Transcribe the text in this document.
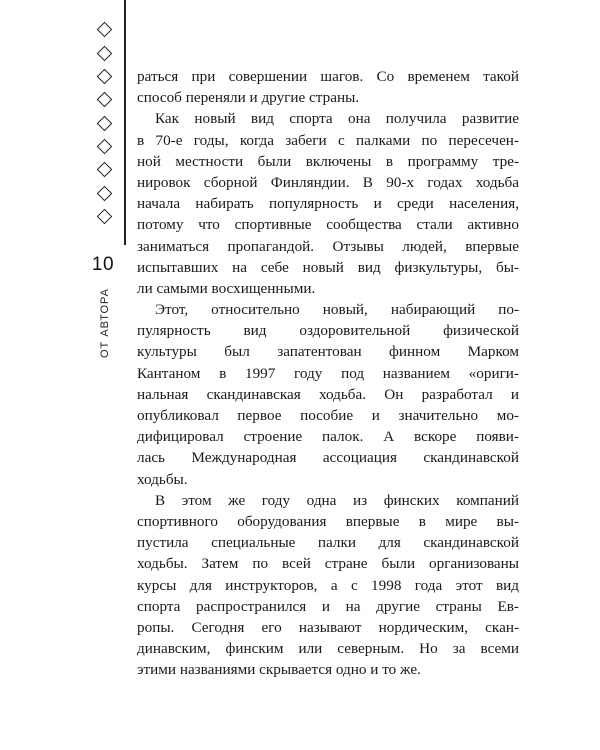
10
ОТ АВТОРА
раться при совершении шагов. Со временем такой
способ переняли и другие страны.
Как новый вид спорта она получила развитие
в 70-е годы, когда забеги с палками по пересечен-
ной местности были включены в программу тре-
нировок сборной Финляндии. В 90-х годах ходьба
начала набирать популярность и среди населения,
потому что спортивные сообщества стали активно
заниматься пропагандой. Отзывы людей, впервые
испытавших на себе новый вид физкультуры, бы-
ли самыми восхищенными.
Этот, относительно новый, набирающий по-
пулярность вид оздоровительной физической
культуры был запатентован финном Марком
Кантаном в 1997 году под названием «ориги-
нальная скандинавская ходьба. Он разработал и
опубликовал первое пособие и значительно мо-
дифицировал строение палок. А вскоре появи-
лась Международная ассоциация скандинавской
ходьбы.
В этом же году одна из финских компаний
спортивного оборудования впервые в мире вы-
пустила специальные палки для скандинавской
ходьбы. Затем по всей стране были организованы
курсы для инструкторов, а с 1998 года этот вид
спорта распространился и на другие страны Ев-
ропы. Сегодня его называют нордическим, скан-
динавским, финским или северным. Но за всеми
этими названиями скрывается одно и то же.
